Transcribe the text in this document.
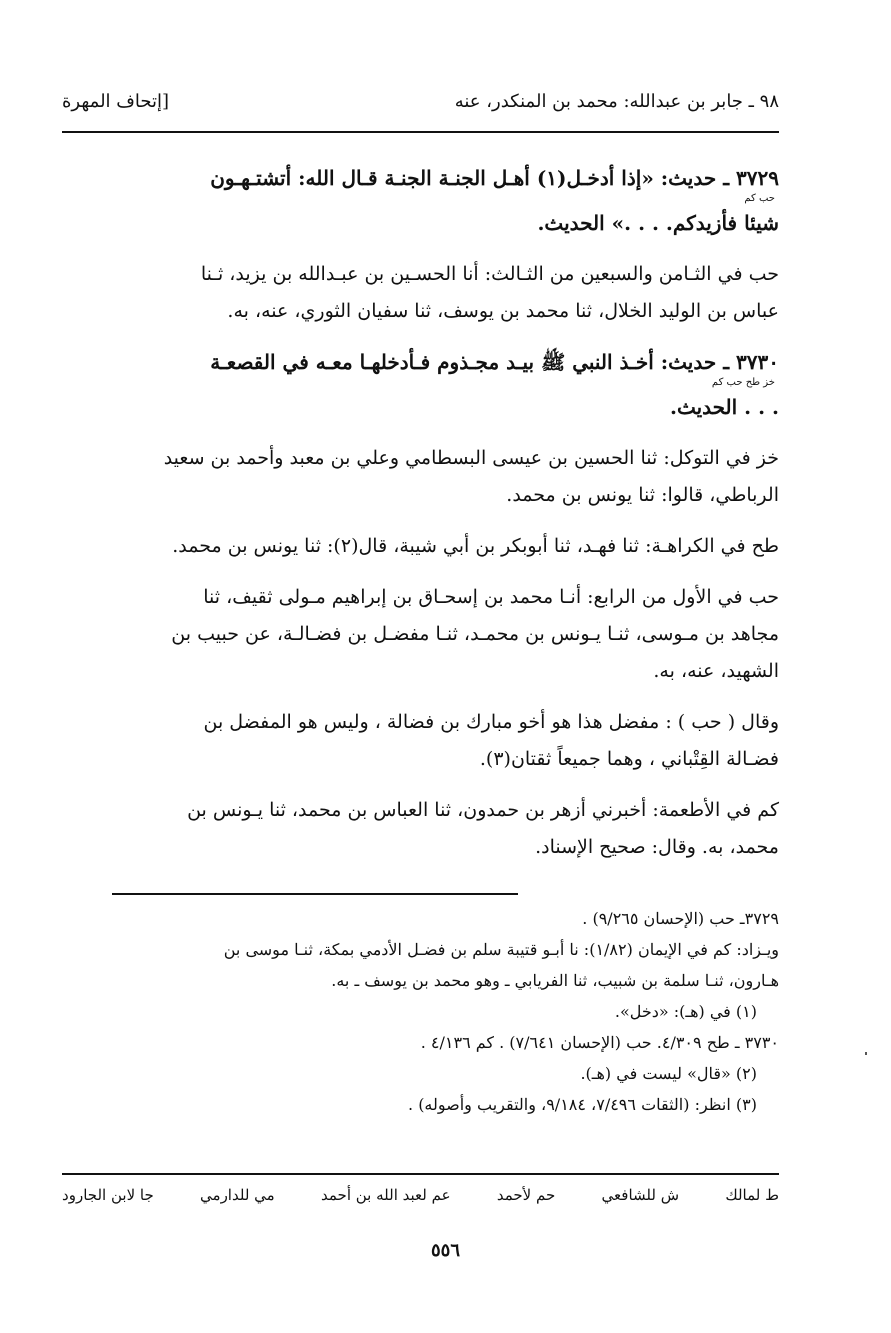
٩٨ ـ جابر بن عبدالله: محمد بن المنكدر، عنه
[إتحاف المهرة

٣٧٢٩ ـ حديث: «إذا أدخـل(١) أهـل الجنـة الجنـة قـال الله: أتشتـهـون

حب كم

شيئا فأزيدكم. . . .» الحديث.

حب في الثـامن والسبعين من الثـالث: أنا الحسـين بن عبـدالله بن يزيد، ثـنا

عباس بن الوليد الخلال، ثنا محمد بن يوسف، ثنا سفيان الثوري، عنه، به.

٣٧٣٠ ـ حديث: أخـذ النبي ﷺ بيـد مجـذوم فـأدخلهـا معـه في القصعـة

خز طح حب كم

. . . الحديث.

خز في التوكل: ثنا الحسين بن عيسى البسطامي وعلي بن معبد وأحمد بن سعيد

الرباطي، قالوا: ثنا يونس بن محمد.

طح في الكراهـة: ثنا فهـد، ثنا أبوبكر بن أبي شيبة، قال(٢): ثنا يونس بن محمد.

حب في الأول من الرابع: أنـا محمد بن إسحـاق بن إبراهيم مـولى ثقيف، ثنا

مجاهد بن مـوسى، ثنـا يـونس بن محمـد، ثنـا مفضـل بن فضـالـة، عن حبيب بن

الشهيد، عنه، به.

وقال ( حب ) : مفضل هذا هو أخو مبارك بن فضالة ، وليس هو المفضل بن

فضـالة القِتْباني ، وهما جميعاً ثقتان(٣).

كم في الأطعمة: أخبرني أزهر بن حمدون، ثنا العباس بن محمد، ثنا يـونس بن

محمد، به. وقال: صحيح الإسناد.

٣٧٢٩ـ حب (الإحسان ٩/٢٦٥) .

ويـزاد: كم في الإيمان (١/٨٢): نا أبـو قتيبة سلم بن فضـل الأدمي بمكة، ثنـا موسى بن

هـارون، ثنـا سلمة بن شبيب، ثنا الفريابي ـ وهو محمد بن يوسف ـ به.

(١) في (هـ): «دخل».

٣٧٣٠ ـ طح ٤/٣٠٩. حب (الإحسان ٧/٦٤١) . كم ٤/١٣٦ .

(٢) «قال» ليست في (هـ).

(٣) انظر: (الثقات ٧/٤٩٦، ٩/١٨٤، والتقريب وأصوله) .

ط لمالك
ش للشافعي
حم لأحمد
عم لعبد الله بن أحمد
مي للدارمي
جا لابن الجارود
٥٥٦
